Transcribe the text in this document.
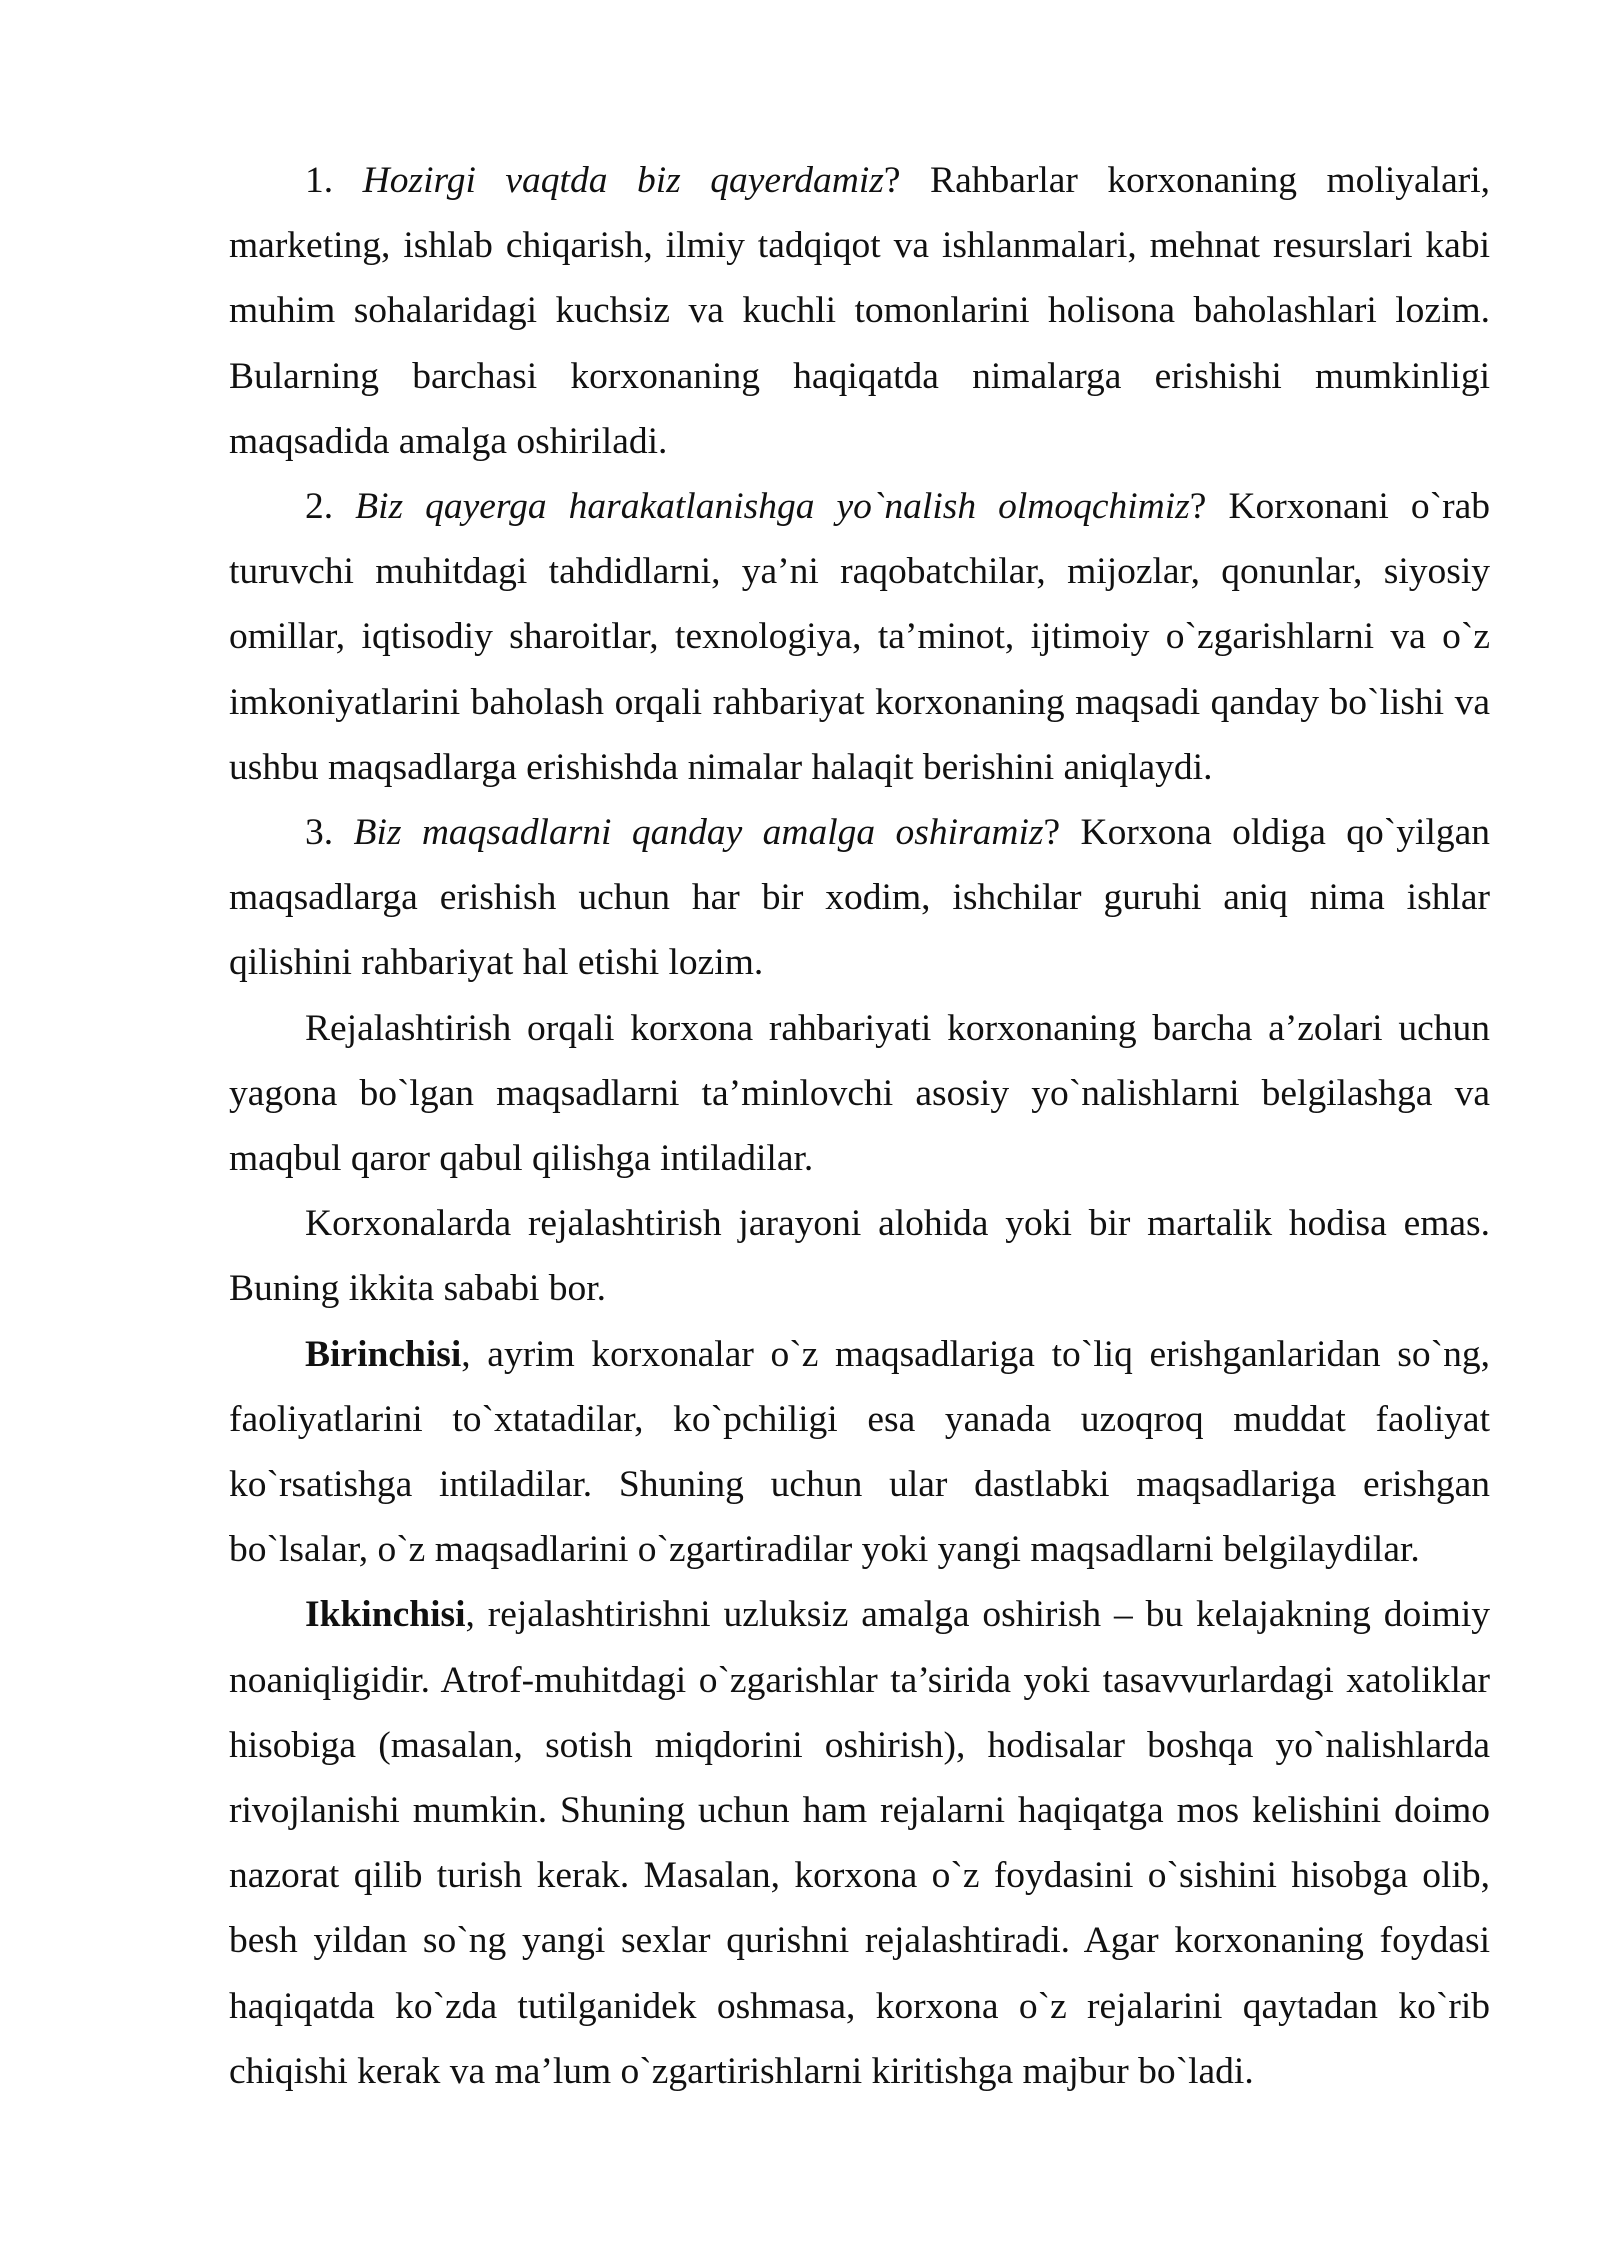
1. Hozirgi vaqtda biz qayerdamiz? Rahbarlar korxonaning moliyalari, marketing, ishlab chiqarish, ilmiy tadqiqot va ishlanmalari, mehnat resurslari kabi muhim sohalaridagi kuchsiz va kuchli tomonlarini holisona baholashlari lozim. Bularning barchasi korxonaning haqiqatda nimalarga erishishi mumkinligi maqsadida amalga oshiriladi.

2. Biz qayerga harakatlanishga yo`nalish olmoqchimiz? Korxonani o`rab turuvchi muhitdagi tahdidlarni, ya’ni raqobatchilar, mijozlar, qonunlar, siyosiy omillar, iqtisodiy sharoitlar, texnologiya, ta’minot, ijtimoiy o`zgarishlarni va o`z imkoniyatlarini baholash orqali rahbariyat korxonaning maqsadi qanday bo`lishi va ushbu maqsadlarga erishishda nimalar halaqit berishini aniqlaydi.

3. Biz maqsadlarni qanday amalga oshiramiz? Korxona oldiga qo`yilgan maqsadlarga erishish uchun har bir xodim, ishchilar guruhi aniq nima ishlar qilishini rahbariyat hal etishi lozim.

Rejalashtirish orqali korxona rahbariyati korxonaning barcha a’zolari uchun yagona bo`lgan maqsadlarni ta’minlovchi asosiy yo`nalishlarni belgilashga va maqbul qaror qabul qilishga intiladilar.

Korxonalarda rejalashtirish jarayoni alohida yoki bir martalik hodisa emas. Buning ikkita sababi bor.

Birinchisi, ayrim korxonalar o`z maqsadlariga to`liq erishganlaridan so`ng, faoliyatlarini to`xtatadilar, ko`pchiligi esa yanada uzoqroq muddat faoliyat ko`rsatishga intiladilar. Shuning uchun ular dastlabki maqsadlariga erishgan bo`lsalar, o`z maqsadlarini o`zgartiradilar yoki yangi maqsadlarni belgilaydilar.

Ikkinchisi, rejalashtirishni uzluksiz amalga oshirish – bu kelajakning doimiy noaniqligidir. Atrof-muhitdagi o`zgarishlar ta’sirida yoki tasavvurlardagi xatoliklar hisobiga (masalan, sotish miqdorini oshirish), hodisalar boshqa yo`nalishlarda rivojlanishi mumkin. Shuning uchun ham rejalarni haqiqatga mos kelishini doimo nazorat qilib turish kerak. Masalan, korxona o`z foydasini o`sishini hisobga olib, besh yildan so`ng yangi sexlar qurishni rejalashtiradi. Agar korxonaning foydasi haqiqatda ko`zda tutilganidek oshmasa, korxona o`z rejalarini qaytadan ko`rib chiqishi kerak va ma’lum o`zgartirishlarni kiritishga majbur bo`ladi.
